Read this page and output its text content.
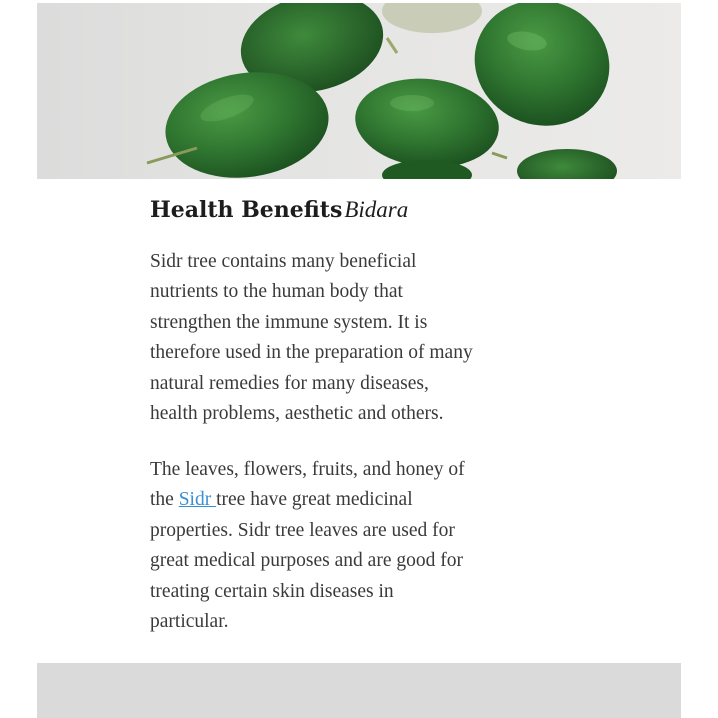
Health BenefitsBidara

Sidr tree contains many beneficial
nutrients to the human body that
strengthen the immune system. It is
therefore used in the preparation of many
natural remedies for many diseases,
health problems, aesthetic and others.

The leaves, flowers, fruits, and honey of
the Sidr tree have great medicinal
properties. Sidr tree leaves are used for
great medical purposes and are good for
treating certain skin diseases in
particular.
